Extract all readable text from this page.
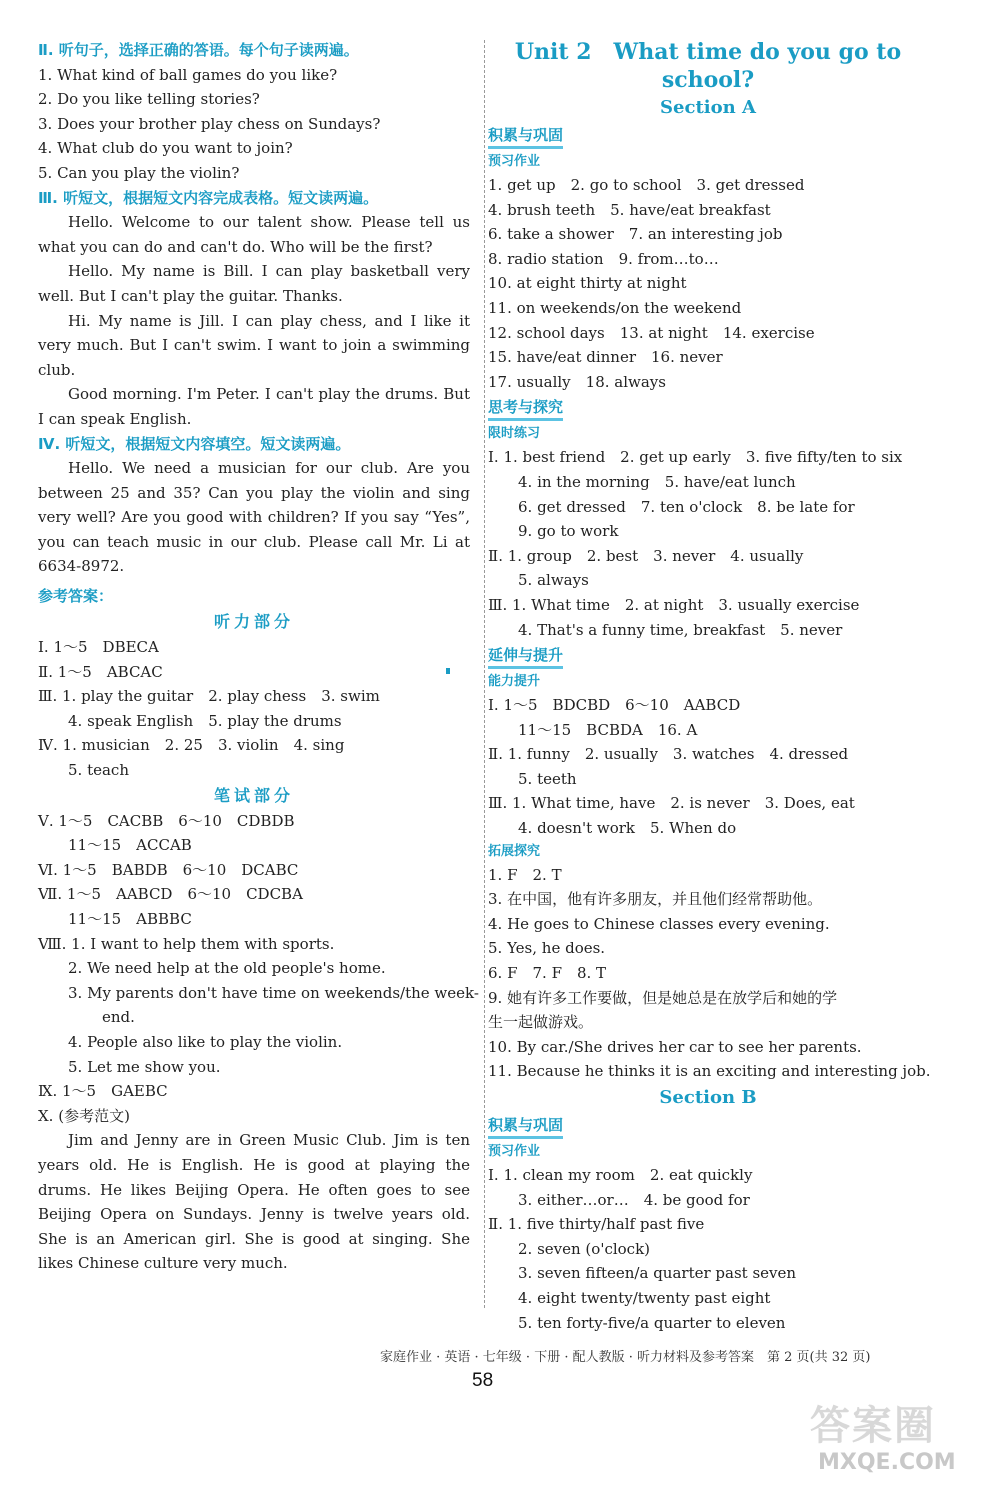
Ⅱ. 听句子，选择正确的答语。每个句子读两遍。
1. What kind of ball games do you like?
2. Do you like telling stories?
3. Does your brother play chess on Sundays?
4. What club do you want to join?
5. Can you play the violin?
Ⅲ. 听短文，根据短文内容完成表格。短文读两遍。
Hello. Welcome to our talent show. Please tell us what you can do and can't do. Who will be the first?
Hello. My name is Bill. I can play basketball very well. But I can't play the guitar. Thanks.
Hi. My name is Jill. I can play chess, and I like it very much. But I can't swim. I want to join a swimming club.
Good morning. I'm Peter. I can't play the drums. But I can speak English.
Ⅳ. 听短文，根据短文内容填空。短文读两遍。
Hello. We need a musician for our club. Are you between 25 and 35? Can you play the violin and sing very well? Are you good with children? If you say “Yes”, you can teach music in our club. Please call Mr. Li at 6634-8972.
参考答案：
听力部分
Ⅰ. 1～5　DBECA
Ⅱ. 1～5　ABCAC
Ⅲ. 1. play the guitar　2. play chess　3. swim
4. speak English　5. play the drums
Ⅳ. 1. musician　2. 25　3. violin　4. sing
5. teach
笔试部分
Ⅴ. 1～5　CACBB　6～10　CDBDB
11～15　ACCAB
Ⅵ. 1～5　BABDB　6～10　DCABC
Ⅶ. 1～5　AABCD　6～10　CDCBA
11～15　ABBBC
Ⅷ. 1. I want to help them with sports.
2. We need help at the old people's home.
3. My parents don't have time on weekends/the week-
end.
4. People also like to play the violin.
5. Let me show you.
Ⅸ. 1～5　GAEBC
Ⅹ. (参考范文)
Jim and Jenny are in Green Music Club. Jim is ten years old. He is English. He is good at playing the drums. He likes Beijing Opera. He often goes to see Beijing Opera on Sundays. Jenny is twelve years old. She is an American girl. She is good at singing. She likes Chinese culture very much.
Unit 2　What time do you go to school?
Section A
积累与巩固
预习作业
1. get up　2. go to school　3. get dressed
4. brush teeth　5. have/eat breakfast
6. take a shower　7. an interesting job
8. radio station　9. from…to…
10. at eight thirty at night
11. on weekends/on the weekend
12. school days　13. at night　14. exercise
15. have/eat dinner　16. never
17. usually　18. always
思考与探究
限时练习
Ⅰ. 1. best friend　2. get up early　3. five fifty/ten to six
4. in the morning　5. have/eat lunch
6. get dressed　7. ten o'clock　8. be late for
9. go to work
Ⅱ. 1. group　2. best　3. never　4. usually
5. always
Ⅲ. 1. What time　2. at night　3. usually exercise
4. That's a funny time, breakfast　5. never
延伸与提升
能力提升
Ⅰ. 1～5　BDCBD　6～10　AABCD
11～15　BCBDA　16. A
Ⅱ. 1. funny　2. usually　3. watches　4. dressed
5. teeth
Ⅲ. 1. What time, have　2. is never　3. Does, eat
4. doesn't work　5. When do
拓展探究
1. F　2. T
3. 在中国，他有许多朋友，并且他们经常帮助他。
4. He goes to Chinese classes every evening.
5. Yes, he does.
6. F　7. F　8. T
9. 她有许多工作要做，但是她总是在放学后和她的学
生一起做游戏。
10. By car./She drives her car to see her parents.
11. Because he thinks it is an exciting and interesting job.
Section B
积累与巩固
预习作业
Ⅰ. 1. clean my room　2. eat quickly
3. either…or…　4. be good for
Ⅱ. 1. five thirty/half past five
2. seven (o'clock)
3. seven fifteen/a quarter past seven
4. eight twenty/twenty past eight
5. ten forty-five/a quarter to eleven
家庭作业 · 英语 · 七年级 · 下册 · 配人教版 · 听力材料及参考答案　第 2 页(共 32 页)
58
答案圈
MXQE.COM
